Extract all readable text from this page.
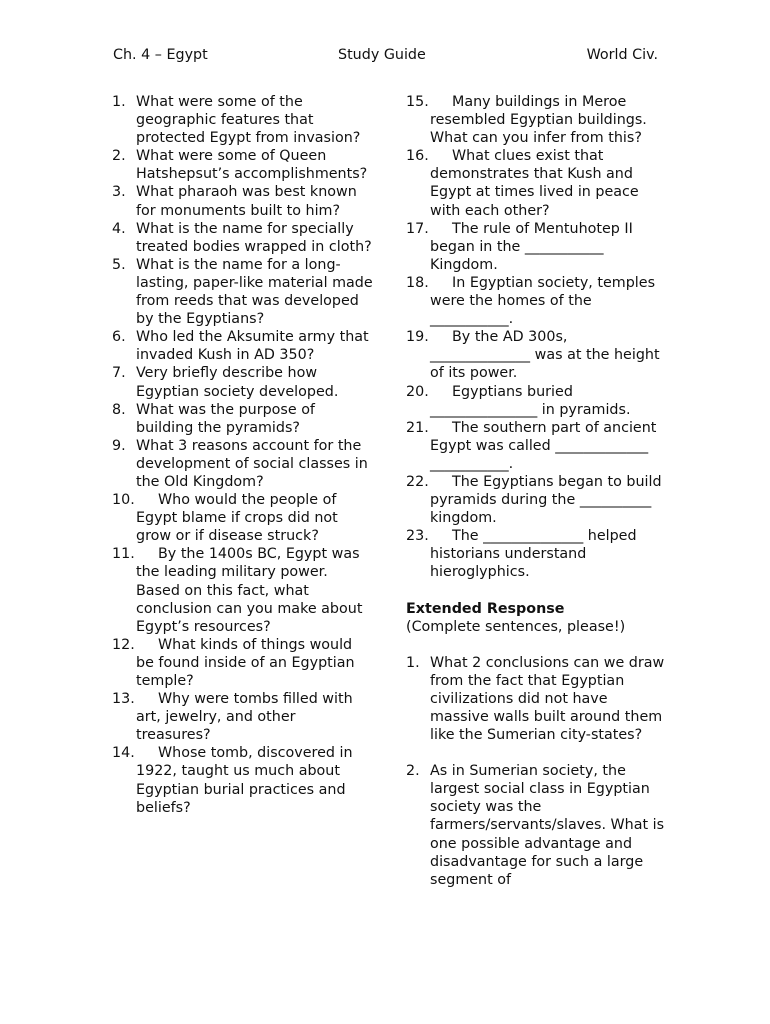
Ch. 4 – Egypt	Study Guide	World Civ.
1. What were some of the geographic features that protected Egypt from invasion?
2. What were some of Queen Hatshepsut’s accomplishments?
3. What pharaoh was best known for monuments built to him?
4. What is the name for specially treated bodies wrapped in cloth?
5. What is the name for a long-lasting, paper-like material made from reeds that was developed by the Egyptians?
6. Who led the Aksumite army that invaded Kush in AD 350?
7. Very briefly describe how Egyptian society developed.
8. What was the purpose of building the pyramids?
9. What 3 reasons account for the development of social classes in the Old Kingdom?
10.	Who would the people of Egypt blame if crops did not grow or if disease struck?
11.	By the 1400s BC, Egypt was the leading military power. Based on this fact, what conclusion can you make about Egypt’s resources?
12.	What kinds of things would be found inside of an Egyptian temple?
13.	Why were tombs filled with art, jewelry, and other treasures?
14.	Whose tomb, discovered in 1922, taught us much about Egyptian burial practices and beliefs?
15.	Many buildings in Meroe resembled Egyptian buildings. What can you infer from this?
16.	What clues exist that demonstrates that Kush and Egypt at times lived in peace with each other?
17.	The rule of Mentuhotep II began in the ___________ Kingdom.
18.	In Egyptian society, temples were the homes of the ___________.
19.	By the AD 300s, ______________ was at the height of its power.
20.	Egyptians buried _______________ in pyramids.
21.	The southern part of ancient Egypt was called _____________ ___________.
22.	The Egyptians began to build pyramids during the __________ kingdom.
23.	The ______________ helped historians understand hieroglyphics.
Extended Response
(Complete sentences, please!)
1. What 2 conclusions can we draw from the fact that Egyptian civilizations did not have massive walls built around them like the Sumerian city-states?
2. As in Sumerian society, the largest social class in Egyptian society was the farmers/servants/slaves. What is one possible advantage and disadvantage for such a large segment of
